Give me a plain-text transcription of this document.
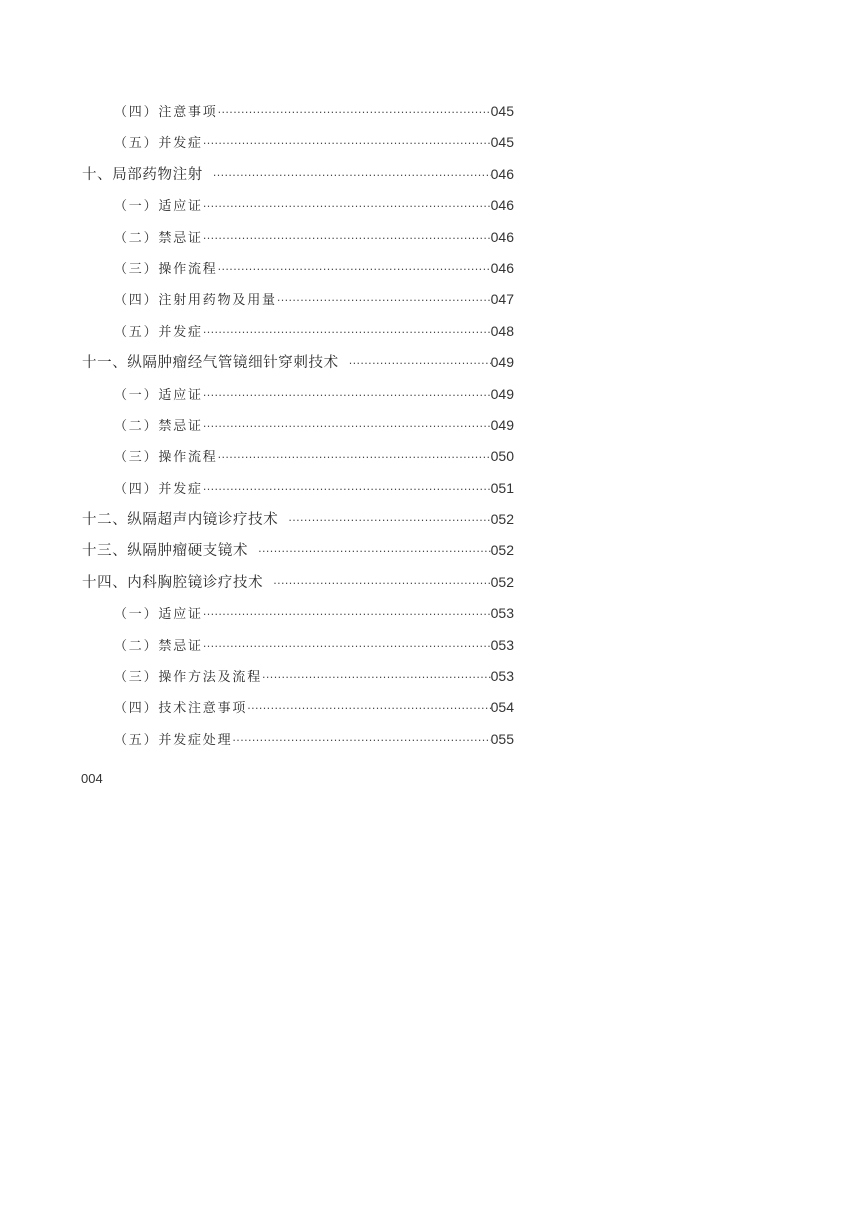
（四）注意事项 ·····	045
（五）并发症 ·····	045
十、局部药物注射 ·····	046
（一）适应证 ·····	046
（二）禁忌证 ·····	046
（三）操作流程 ·····	046
（四）注射用药物及用量 ·····	047
（五）并发症 ·····	048
十一、纵隔肿瘤经气管镜细针穿刺技术 ·····	049
（一）适应证 ·····	049
（二）禁忌证 ·····	049
（三）操作流程 ·····	050
（四）并发症 ·····	051
十二、纵隔超声内镜诊疗技术 ·····	052
十三、纵隔肿瘤硬支镜术 ·····	052
十四、内科胸腔镜诊疗技术 ·····	052
（一）适应证 ·····	053
（二）禁忌证 ·····	053
（三）操作方法及流程 ·····	053
（四）技术注意事项 ·····	054
（五）并发症处理 ·····	055
004
